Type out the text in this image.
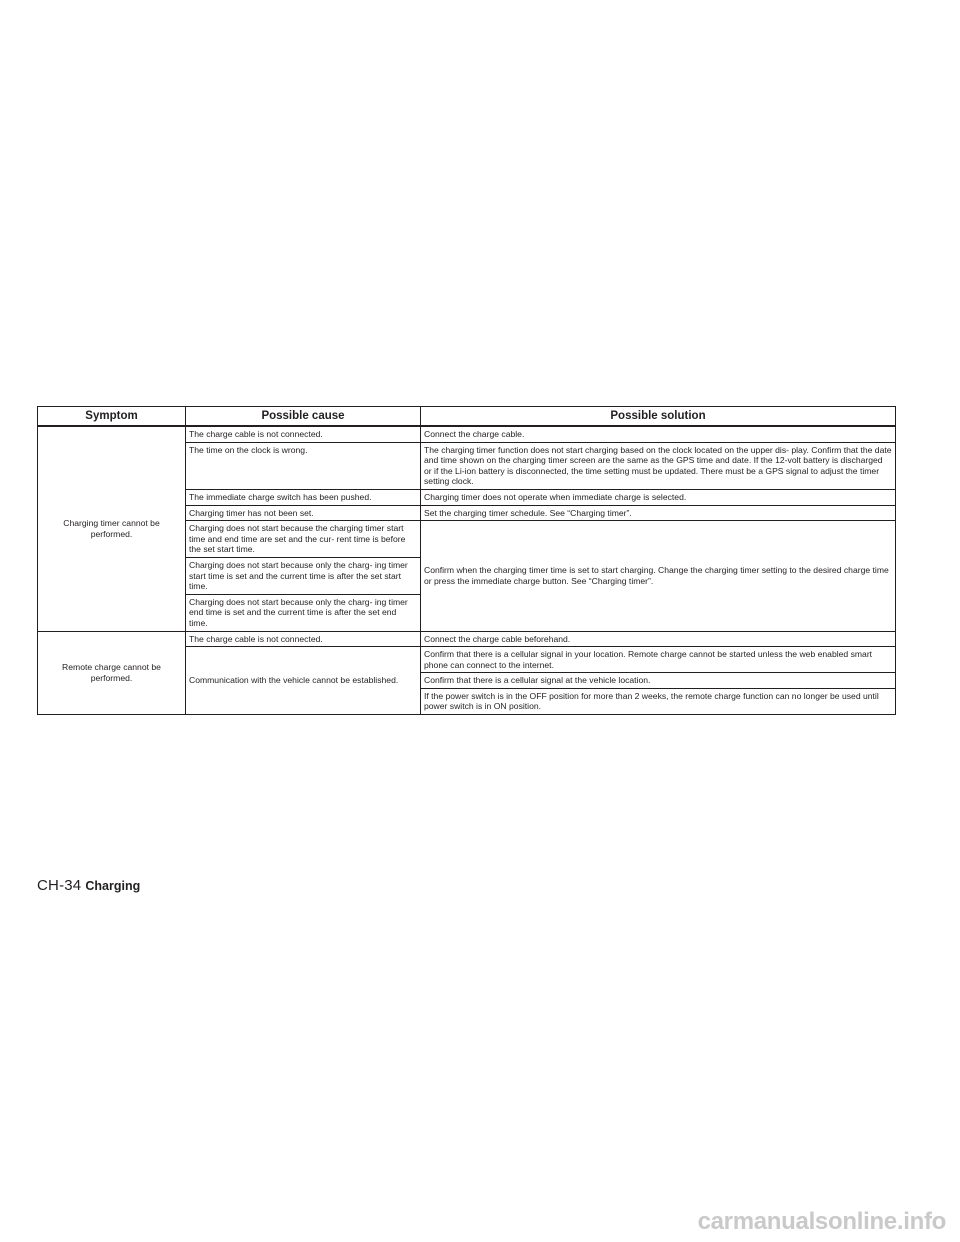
Symptom	Possible cause	Possible solution
Charging timer cannot be performed.	The charge cable is not connected.	Connect the charge cable.
	The time on the clock is wrong.	The charging timer function does not start charging based on the clock located on the upper dis- play. Confirm that the date and time shown on the charging timer screen are the same as the GPS time and date. If the 12-volt battery is discharged or if the Li-ion battery is disconnected, the time setting must be updated. There must be a GPS signal to adjust the timer setting clock.
	The immediate charge switch has been pushed.	Charging timer does not operate when immediate charge is selected.
	Charging timer has not been set.	Set the charging timer schedule. See “Charging timer”.
	Charging does not start because the charging timer start time and end time are set and the cur- rent time is before the set start time.	Confirm when the charging timer time is set to start charging. Change the charging timer setting to the desired charge time or press the immediate charge button. See “Charging timer”.
	Charging does not start because only the charg- ing timer start time is set and the current time is after the set start time.	
	Charging does not start because only the charg- ing timer end time is set and the current time is after the set end time.	
Remote charge cannot be performed.	The charge cable is not connected.	Connect the charge cable beforehand.
	Communication with the vehicle cannot be established.	Confirm that there is a cellular signal in your location. Remote charge cannot be started unless the web enabled smart phone can connect to the internet.
		Confirm that there is a cellular signal at the vehicle location.
		If the power switch is in the OFF position for more than 2 weeks, the remote charge function can no longer be used until power switch is in ON position.
CH-34 Charging
carmanualsonline.info
